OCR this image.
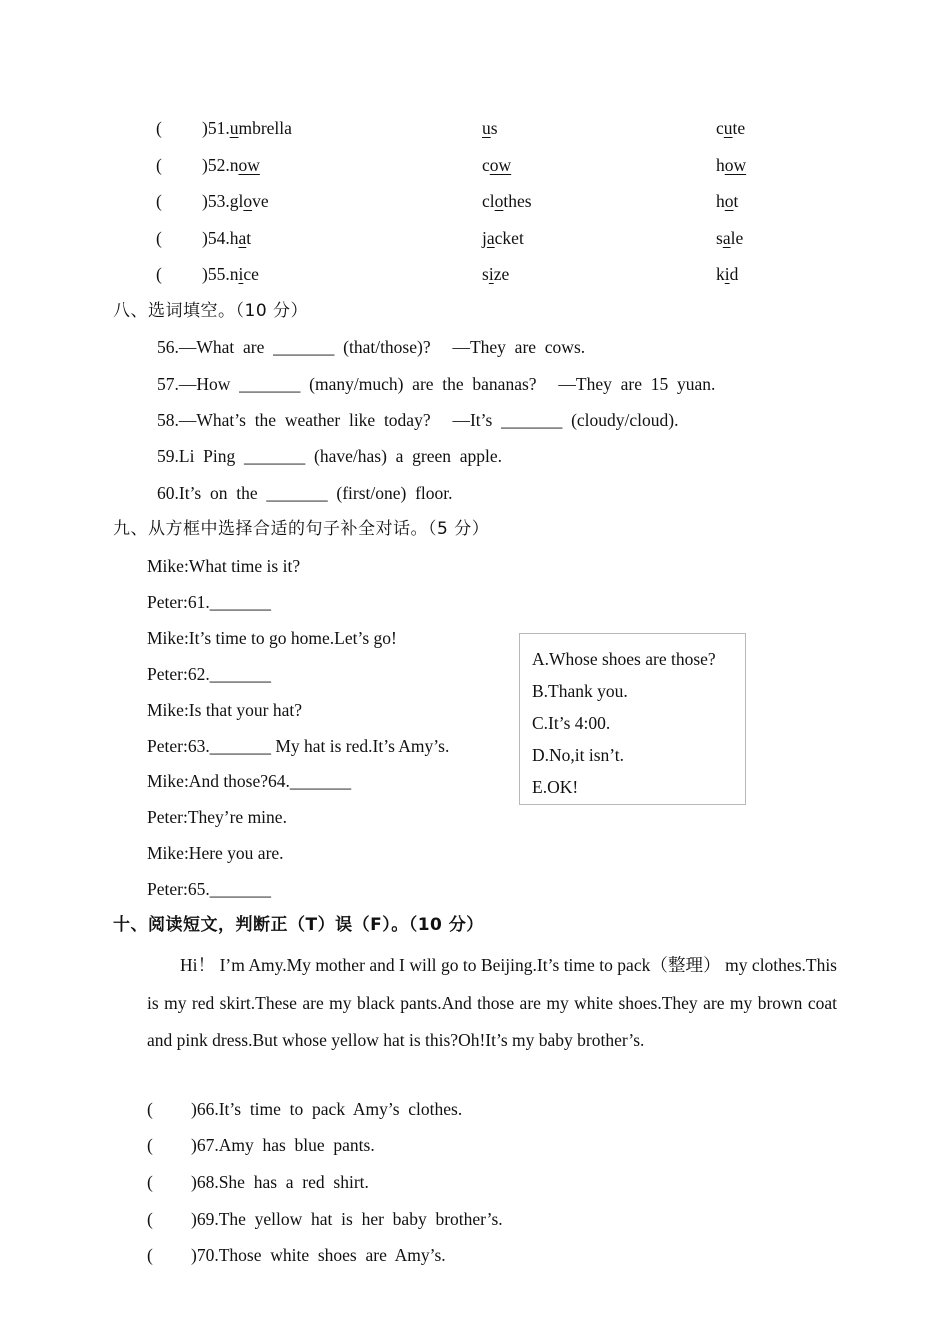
( )51.umbrella	us	cute
( )52.now	cow	how
( )53.glove	clothes	hot
( )54.hat	jacket	sale
( )55.nice	size	kid
八、选词填空。（10 分）
56.—What  are  _______  (that/those)?     —They  are  cows.
57.—How  _______  (many/much)  are  the  bananas?     —They  are  15  yuan.
58.—What’s  the  weather  like  today?     —It’s  _______  (cloudy/cloud).
59.Li  Ping  _______  (have/has)  a  green  apple.
60.It’s  on  the  _______  (first/one)  floor.
九、从方框中选择合适的句子补全对话。（5 分）
Mike:What time is it?
Peter:61._______
Mike:It’s time to go home.Let’s go!
Peter:62._______
Mike:Is that your hat?
Peter:63._______ My hat is red.It’s Amy’s.
Mike:And those?64._______
Peter:They’re mine.
Mike:Here you are.
Peter:65._______
A.Whose shoes are those?
B.Thank you.
C.It’s 4:00.
D.No,it isn’t.
E.OK!
十、阅读短文，判断正（T）误（F）。（10 分）
Hi！ I’m Amy.My mother and I will go to Beijing.It’s time to pack（整理） my clothes.This is my red skirt.These are my black pants.And those are my white shoes.They are my brown coat and pink dress.But whose yellow hat is this?Oh!It’s my baby brother’s.
( )66.It’s  time  to  pack  Amy’s  clothes.
( )67.Amy  has  blue  pants.
( )68.She  has  a  red  shirt.
( )69.The  yellow  hat  is  her  baby  brother’s.
( )70.Those  white  shoes  are  Amy’s.
